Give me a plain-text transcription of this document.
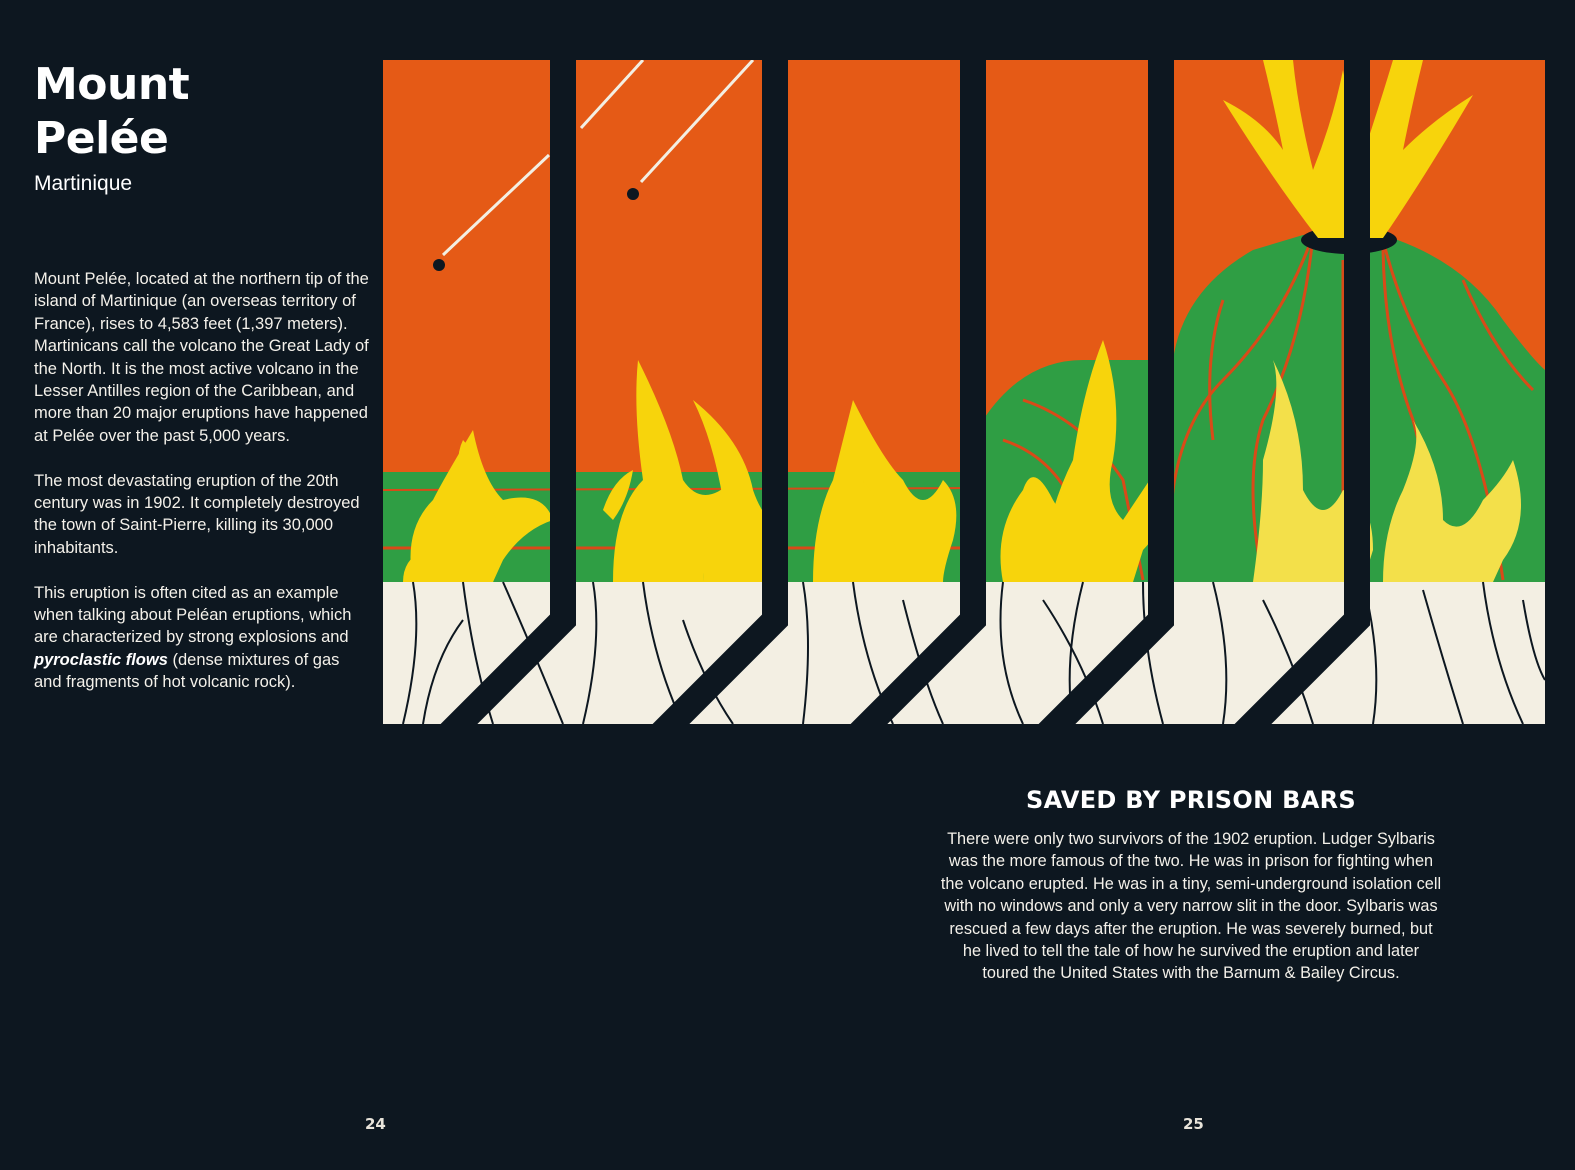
Mount
Pelée
Martinique

Mount Pelée, located at the northern tip of the island of Martinique (an overseas territory of France), rises to 4,583 feet (1,397 meters). Martinicans call the volcano the Great Lady of the North. It is the most active volcano in the Lesser Antilles region of the Caribbean, and more than 20 major eruptions have happened at Pelée over the past 5,000 years.

The most devastating eruption of the 20th century was in 1902. It completely destroyed the town of Saint-Pierre, killing its 30,000 inhabitants.

This eruption is often cited as an example when talking about Peléan eruptions, which are characterized by strong explosions and pyroclastic flows (dense mixtures of gas and fragments of hot volcanic rock).

SAVED BY PRISON BARS

There were only two survivors of the 1902 eruption. Ludger Sylbaris was the more famous of the two. He was in prison for fighting when the volcano erupted. He was in a tiny, semi-underground isolation cell with no windows and only a very narrow slit in the door. Sylbaris was rescued a few days after the eruption. He was severely burned, but he lived to tell the tale of how he survived the eruption and later toured the United States with the Barnum & Bailey Circus.

24	25
